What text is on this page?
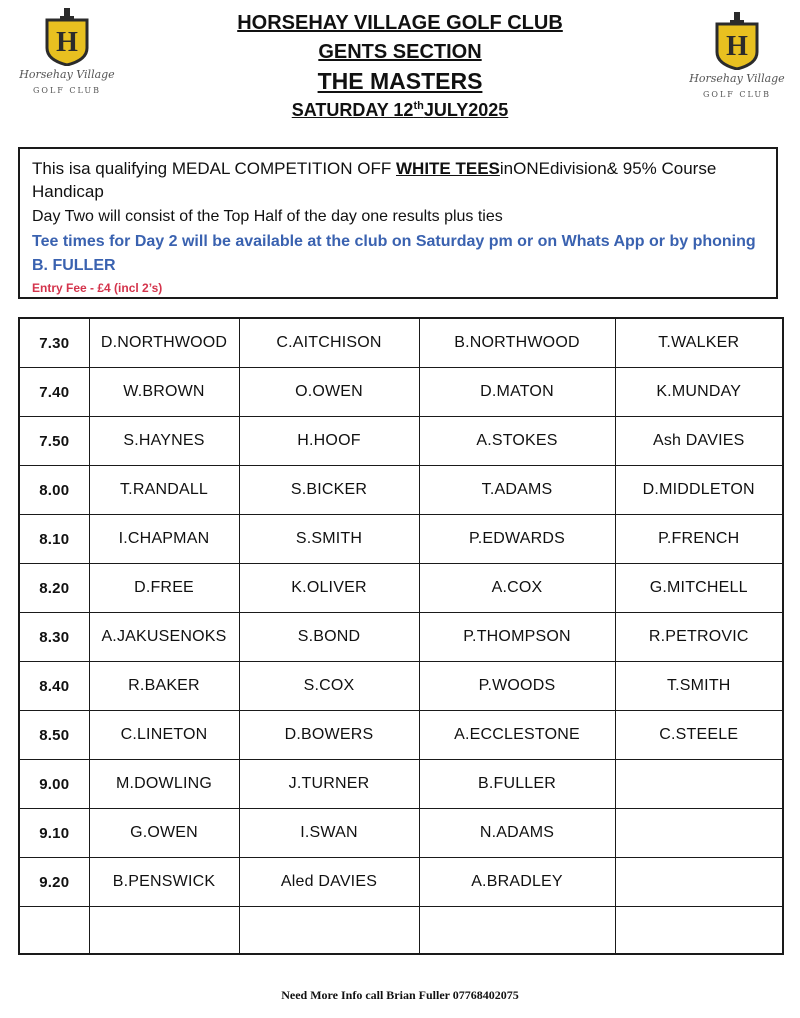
H
Horsehay Village
GOLF CLUB
H
Horsehay Village
GOLF CLUB
HORSEHAY VILLAGE GOLF CLUB
GENTS SECTION
THE MASTERS
SATURDAY 12thJULY2025
This isa qualifying MEDAL COMPETITION OFF WHITE TEESinONEdivision& 95% Course Handicap
Day Two will consist of the Top Half of the day one results plus ties
Tee times for Day 2 will be available at the club on Saturday pm or on Whats App or by phoning B. FULLER
Entry Fee - £4 (incl 2’s)
7.30	D.NORTHWOOD	C.AITCHISON	B.NORTHWOOD	T.WALKER
7.40	W.BROWN	O.OWEN	D.MATON	K.MUNDAY
7.50	S.HAYNES	H.HOOF	A.STOKES	Ash DAVIES
8.00	T.RANDALL	S.BICKER	T.ADAMS	D.MIDDLETON
8.10	I.CHAPMAN	S.SMITH	P.EDWARDS	P.FRENCH
8.20	D.FREE	K.OLIVER	A.COX	G.MITCHELL
8.30	A.JAKUSENOKS	S.BOND	P.THOMPSON	R.PETROVIC
8.40	R.BAKER	S.COX	P.WOODS	T.SMITH
8.50	C.LINETON	D.BOWERS	A.ECCLESTONE	C.STEELE
9.00	M.DOWLING	J.TURNER	B.FULLER	
9.10	G.OWEN	I.SWAN	N.ADAMS	
9.20	B.PENSWICK	Aled DAVIES	A.BRADLEY	

Need More Info call Brian Fuller 07768402075
